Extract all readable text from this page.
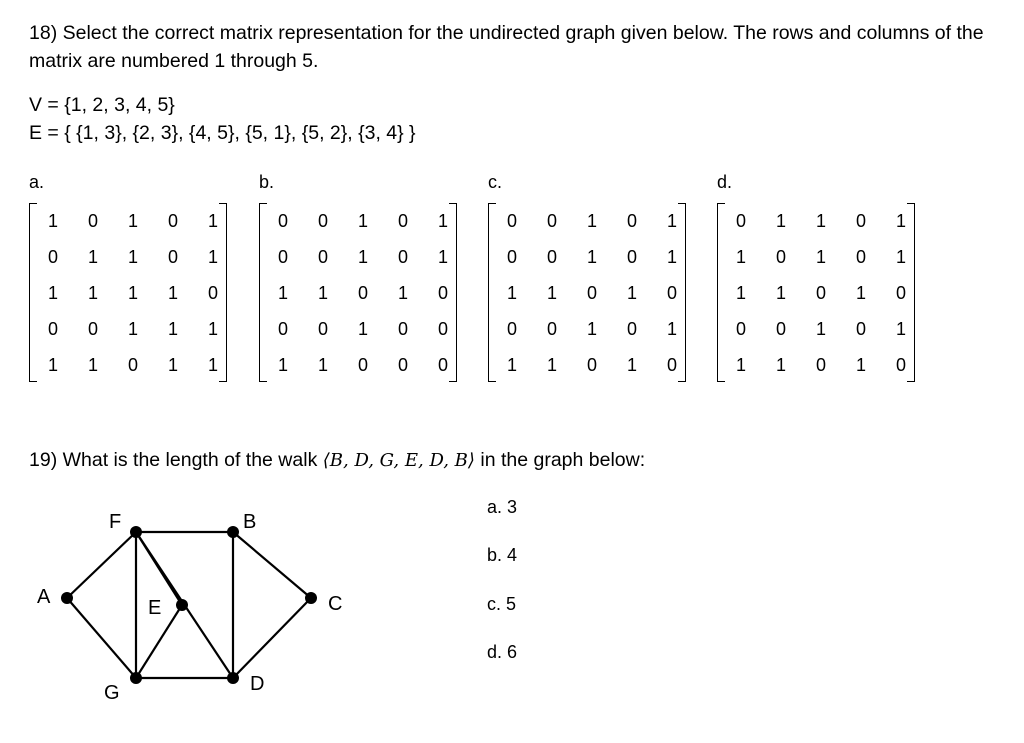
18) Select the correct matrix representation for the undirected graph given below. The rows and columns of the matrix are numbered 1 through 5.
V = {1, 2, 3, 4, 5}
E = { {1, 3}, {2, 3}, {4, 5}, {5, 1}, {5, 2}, {3, 4} }
a.	b.	c.	d.
1	0	1	0	1
0	1	1	0	1
1	1	1	1	0
0	0	1	1	1
1	1	0	1	1
0	0	1	0	1
0	0	1	0	1
1	1	0	1	0
0	0	1	0	0
1	1	0	0	0
0	0	1	0	1
0	0	1	0	1
1	1	0	1	0
0	0	1	0	1
1	1	0	1	0
0	1	1	0	1
1	0	1	0	1
1	1	0	1	0
0	0	1	0	1
1	1	0	1	0
19) What is the length of the walk ⟨B, D, G, E, D, B⟩ in the graph below:
a. 3
b. 4
c. 5
d. 6
F	B
A	E	C
G	D
